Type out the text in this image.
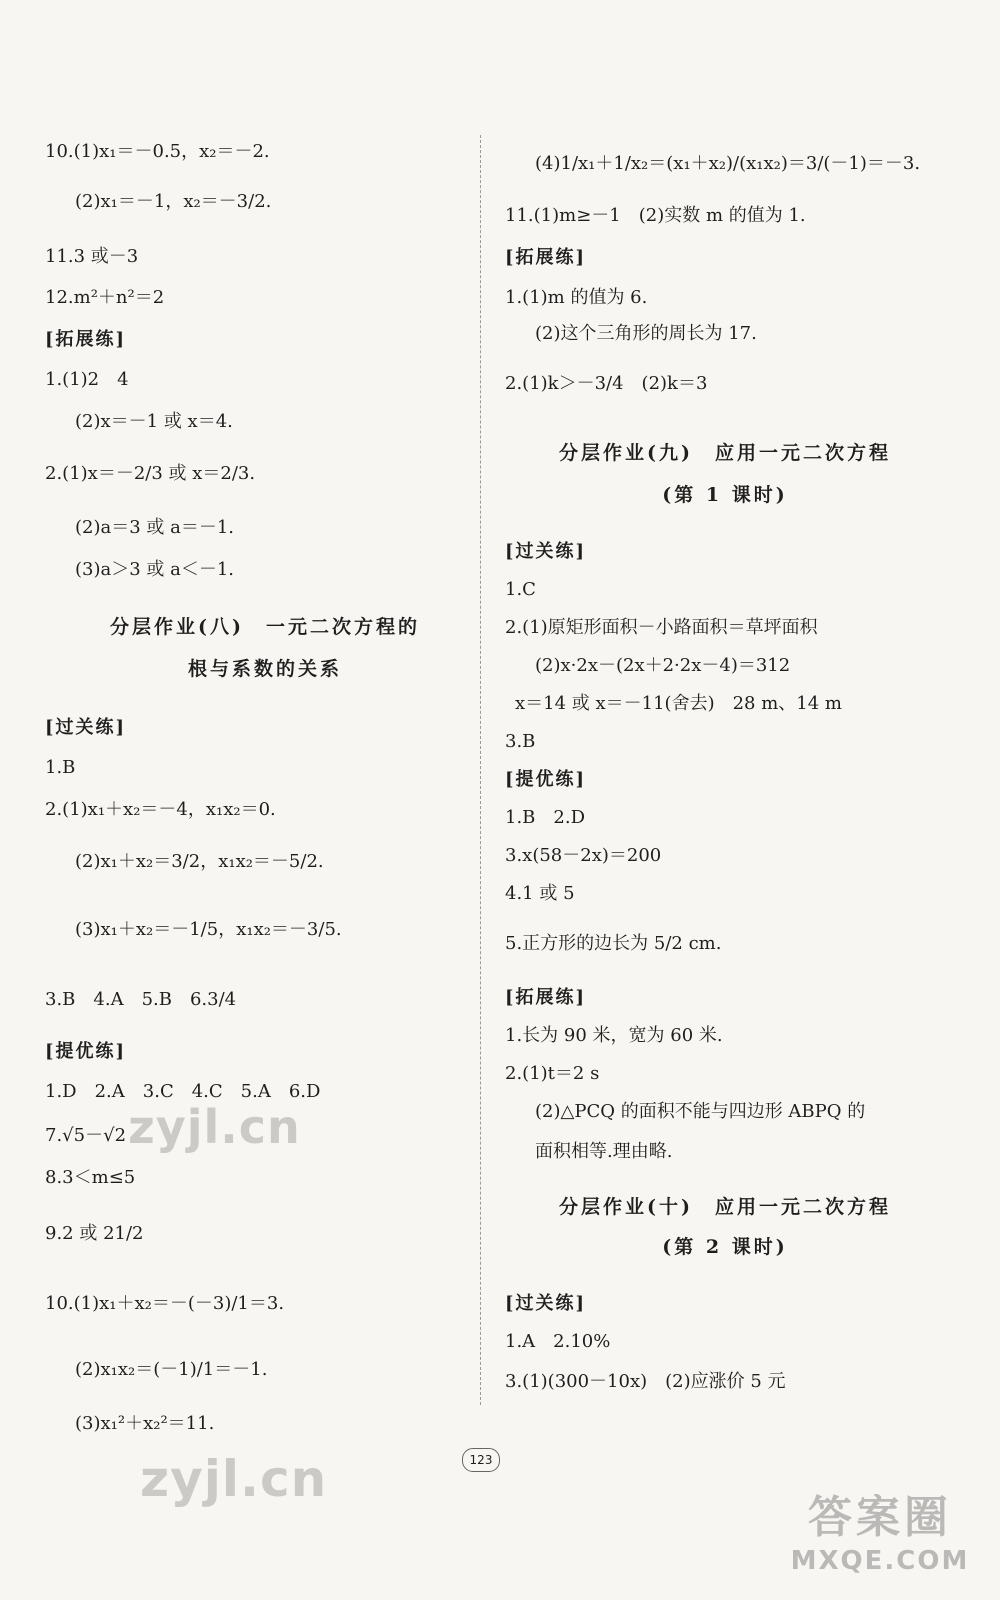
10.(1)x₁＝－0.5，x₂＝－2.
(2)x₁＝－1，x₂＝－3/2.
11.3 或－3
12.m²＋n²＝2
[拓展练]
1.(1)2　4
(2)x＝－1 或 x＝4.
2.(1)x＝－2/3 或 x＝2/3.
(2)a＝3 或 a＝－1.
(3)a＞3 或 a＜－1.
分层作业(八)　一元二次方程的
根与系数的关系
[过关练]
1.B
2.(1)x₁＋x₂＝－4，x₁x₂＝0.
(2)x₁＋x₂＝3/2，x₁x₂＝－5/2.
(3)x₁＋x₂＝－1/5，x₁x₂＝－3/5.
3.B　4.A　5.B　6.3/4
[提优练]
1.D　2.A　3.C　4.C　5.A　6.D
7.√5－√2
8.3＜m≤5
9.2 或 21/2
10.(1)x₁＋x₂＝－(－3)/1＝3.
(2)x₁x₂＝(－1)/1＝－1.
(3)x₁²＋x₂²＝11.
(4)1/x₁＋1/x₂＝(x₁＋x₂)/(x₁x₂)＝3/(－1)＝－3.
11.(1)m≥－1　(2)实数 m 的值为 1.
[拓展练]
1.(1)m 的值为 6.
(2)这个三角形的周长为 17.
2.(1)k＞－3/4　(2)k＝3
分层作业(九)　应用一元二次方程
(第 1 课时)
[过关练]
1.C
2.(1)原矩形面积－小路面积＝草坪面积
(2)x·2x－(2x＋2·2x－4)＝312
x＝14 或 x＝－11(舍去)　28 m、14 m
3.B
[提优练]
1.B　2.D
3.x(58－2x)＝200
4.1 或 5
5.正方形的边长为 5/2 cm.
[拓展练]
1.长为 90 米，宽为 60 米.
2.(1)t＝2 s
(2)△PCQ 的面积不能与四边形 ABPQ 的
面积相等.理由略.
分层作业(十)　应用一元二次方程
(第 2 课时)
[过关练]
1.A　2.10%
3.(1)(300－10x)　(2)应涨价 5 元
123
zyjl.cn
zyjl.cn
答案圈
MXQE.COM
